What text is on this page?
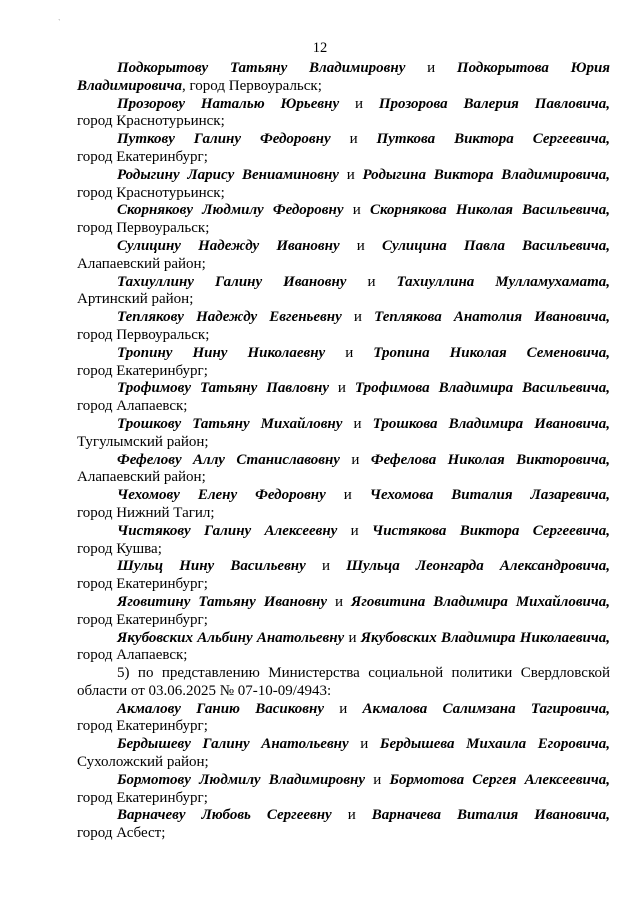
`
12
Подкорытову Татьяну Владимировну и Подкорытова Юрия
Владимировича, город Первоуральск;
Прозорову Наталью Юрьевну и Прозорова Валерия Павловича,
город Краснотурьинск;
Путкову Галину Федоровну и Путкова Виктора Сергеевича,
город Екатеринбург;
Родыгину Ларису Вениаминовну и Родыгина Виктора Владимировича,
город Краснотурьинск;
Скорнякову Людмилу Федоровну и Скорнякова Николая Васильевича,
город Первоуральск;
Сулицину Надежду Ивановну и Сулицина Павла Васильевича,
Алапаевский район;
Тахиуллину Галину Ивановну и Тахиуллина Мулламухамата,
Артинский район;
Теплякову Надежду Евгеньевну и Теплякова Анатолия Ивановича,
город Первоуральск;
Тропину Нину Николаевну и Тропина Николая Семеновича,
город Екатеринбург;
Трофимову Татьяну Павловну и Трофимова Владимира Васильевича,
город Алапаевск;
Трошкову Татьяну Михайловну и Трошкова Владимира Ивановича,
Тугулымский район;
Фефелову Аллу Станиславовну и Фефелова Николая Викторовича,
Алапаевский район;
Чехомову Елену Федоровну и Чехомова Виталия Лазаревича,
город Нижний Тагил;
Чистякову Галину Алексеевну и Чистякова Виктора Сергеевича,
город Кушва;
Шульц Нину Васильевну и Шульца Леонгарда Александровича,
город Екатеринбург;
Яговитину Татьяну Ивановну и Яговитина Владимира Михайловича,
город Екатеринбург;
Якубовских Альбину Анатольевну и Якубовских Владимира Николаевича,
город Алапаевск;
5) по представлению Министерства социальной политики Свердловской
области от 03.06.2025 № 07-10-09/4943:
Акмалову Ганию Васиковну и Акмалова Салимзана Тагировича,
город Екатеринбург;
Бердышеву Галину Анатольевну и Бердышева Михаила Егоровича,
Сухоложский район;
Бормотову Людмилу Владимировну и Бормотова Сергея Алексеевича,
город Екатеринбург;
Варначеву Любовь Сергеевну и Варначева Виталия Ивановича,
город Асбест;
